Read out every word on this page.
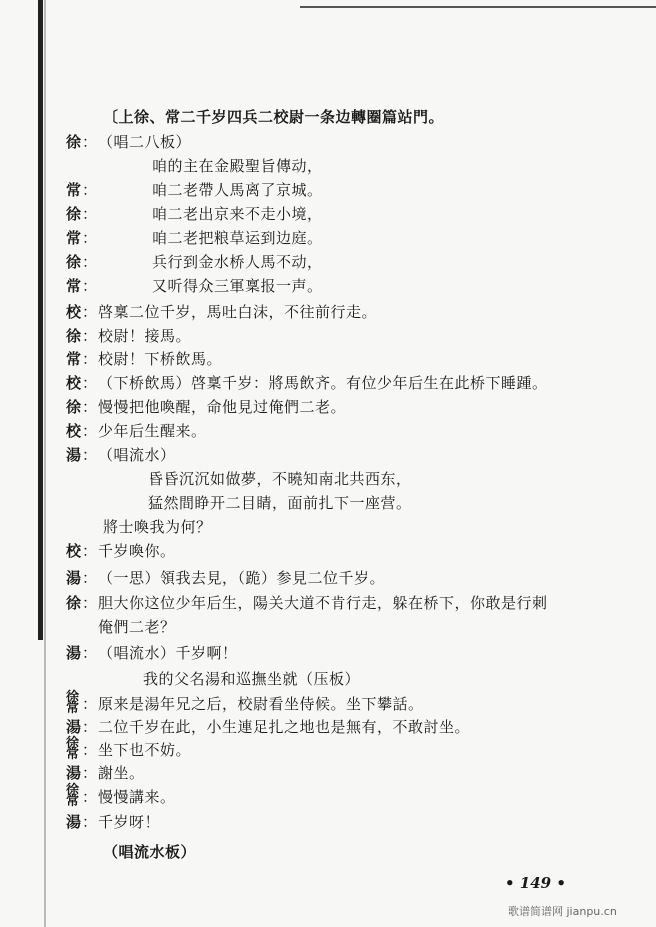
〔上徐、常二千岁四兵二校尉一条边轉圈篇站門。
徐 ： （唱二八板）
咱的主在金殿聖旨傳动，
常 ：	咱二老帶人馬离了京城。
徐 ：	咱二老出京来不走小境，
常 ：	咱二老把粮草运到边庭。
徐 ：	兵行到金水桥人馬不动，
常 ：	又听得众三軍稟报一声。
校 ： 啓稟二位千岁，馬吐白沫，不往前行走。
徐 ： 校尉！接馬。
常 ： 校尉！下桥飲馬。
校 ： （下桥飲馬）啓稟千岁：將馬飲齐。有位少年后生在此桥下睡踵。
徐 ： 慢慢把他喚醒，命他見过俺們二老。
校 ： 少年后生醒来。
湯 ： （唱流水）
昏昏沉沉如做夢，不曉知南北共西东，
猛然間睁开二目睛，面前扎下一座营。
將士喚我为何？
校 ： 千岁喚你。
湯 ： （一思）領我去見，（跪）参見二位千岁。
徐 ： 胆大你这位少年后生，陽关大道不肯行走，躲在桥下，你敢是行刺
俺們二老？
湯 ： （唱流水）千岁啊！
我的父名湯和巡撫坐就（压板）
徐常 ： 原来是湯年兄之后，校尉看坐侍候。坐下攀話。
湯 ： 二位千岁在此，小生連足扎之地也是無有，不敢討坐。
徐常 ： 坐下也不妨。
湯 ： 謝坐。
徐常 ： 慢慢講来。
湯 ： 千岁呀！
（唱流水板）
• 149 •
歌谱简谱网 jianpu.cn
